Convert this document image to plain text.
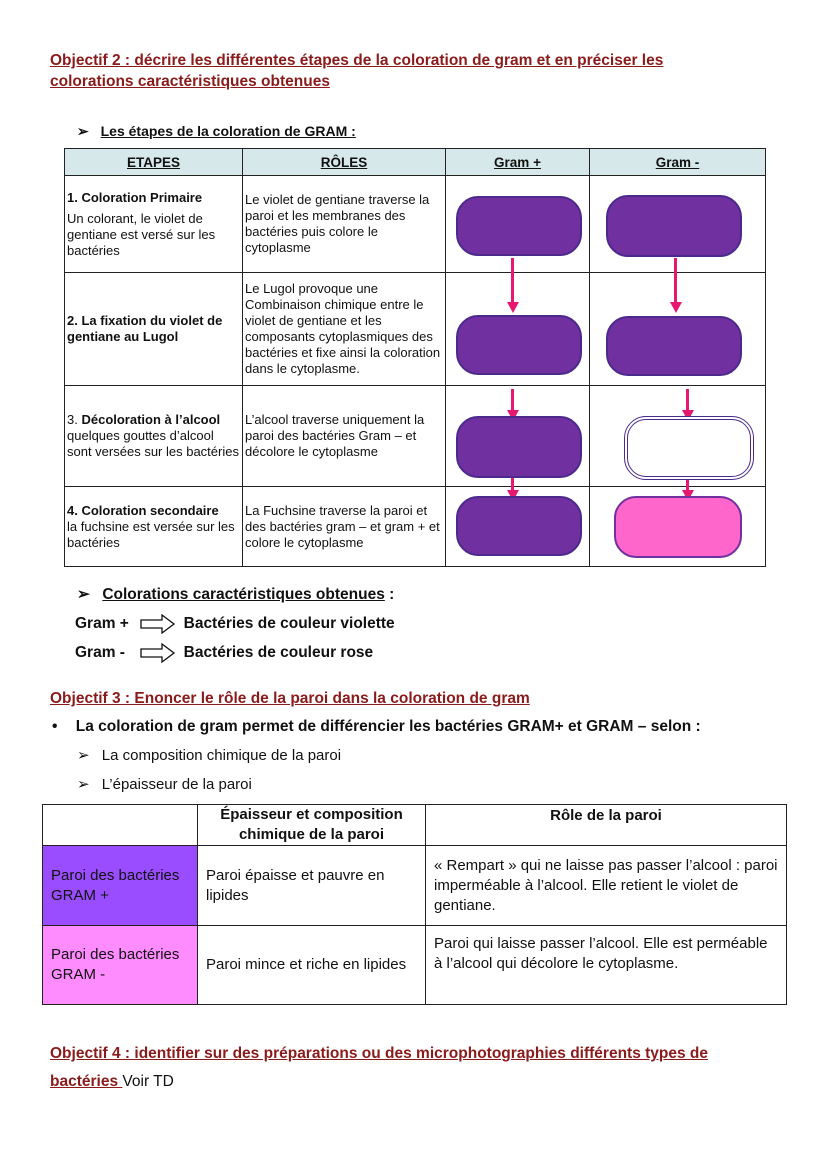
Objectif 2 : décrire les différentes étapes de la coloration de gram et en préciser les
colorations caractéristiques obtenues
➢ Les étapes de la coloration de GRAM :
ETAPES	RÔLES	Gram +	Gram -

1. Coloration Primaire
Un colorant, le violet de gentiane est versé sur les bactéries	Le violet de gentiane traverse la paroi et les membranes des bactéries puis colore le cytoplasme		

2. La fixation du violet de gentiane au Lugol	Le Lugol provoque une Combinaison chimique entre le violet de gentiane et les composants cytoplasmiques des bactéries et fixe ainsi la coloration dans le cytoplasme.		

3. Décoloration à l’alcool
quelques gouttes d’alcool sont versées sur les bactéries	L’alcool traverse uniquement la paroi des bactéries Gram – et décolore le cytoplasme		

4. Coloration secondaire
la fuchsine est versée sur les bactéries	La Fuchsine traverse la paroi et des bactéries gram – et gram + et colore le cytoplasme		
➢ Colorations caractéristiques obtenues :
Gram +	Bactéries de couleur violette
Gram -	Bactéries de couleur rose
Objectif 3 : Enoncer le rôle de la paroi dans la coloration de gram
• La coloration de gram permet de différencier les bactéries GRAM+ et GRAM – selon :
➢ La composition chimique de la paroi
➢ L’épaisseur de la paroi
	Épaisseur et composition chimique de la paroi	Rôle de la paroi
Paroi des bactéries GRAM +	Paroi épaisse et pauvre en lipides	« Rempart » qui ne laisse pas passer l’alcool : paroi imperméable à l’alcool. Elle retient le violet de gentiane.
Paroi des bactéries GRAM -	Paroi mince et riche en lipides	Paroi qui laisse passer l’alcool. Elle est perméable à l’alcool qui décolore le cytoplasme.
Objectif 4 : identifier sur des préparations ou des microphotographies différents types de
bactéries Voir TD
